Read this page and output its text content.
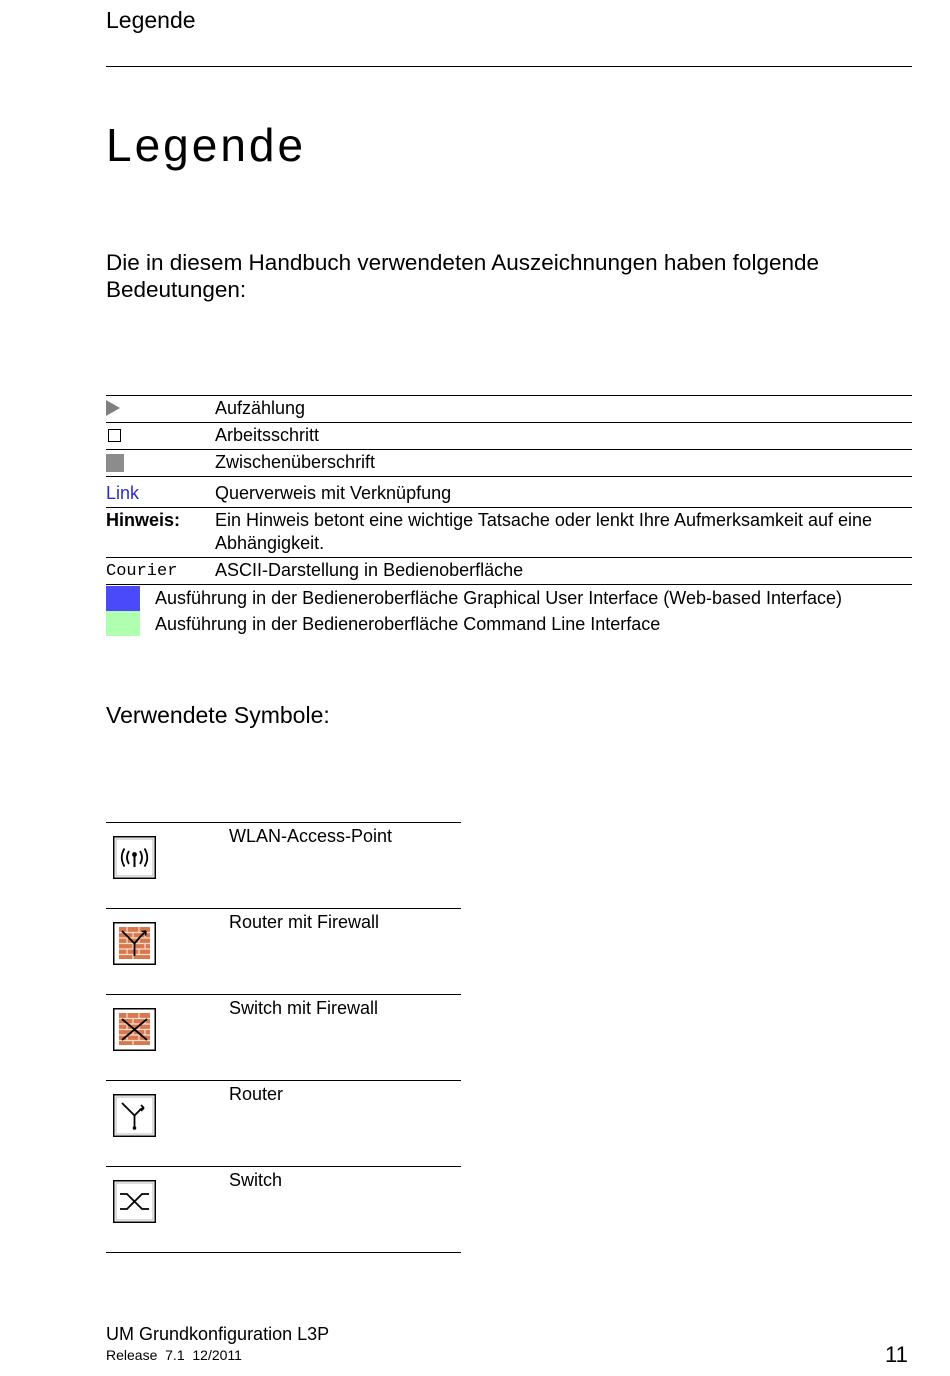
Legende
Legende
Die in diesem Handbuch verwendeten Auszeichnungen haben folgende Bedeutungen:
Aufzählung
Arbeitsschritt
Zwischenüberschrift
Link	Querverweis mit Verknüpfung
Hinweis:	Ein Hinweis betont eine wichtige Tatsache oder lenkt Ihre Aufmerksamkeit auf eine Abhängigkeit.
Courier	ASCII-Darstellung in Bedienoberfläche
Ausführung in der Bedieneroberfläche Graphical User Interface (Web-based Interface)
Ausführung in der Bedieneroberfläche Command Line Interface
Verwendete Symbole:
WLAN-Access-Point
Router mit Firewall
Switch mit Firewall
Router
Switch
UM Grundkonfiguration L3P
Release  7.1  12/2011	11
